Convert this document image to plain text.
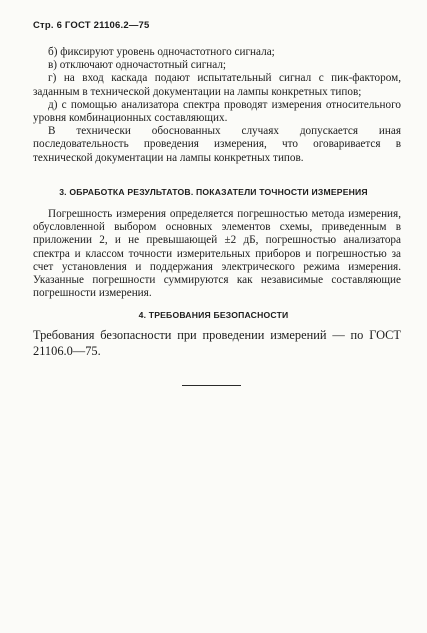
Стр. 6 ГОСТ 21106.2—75

б) фиксируют уровень одночастотного сигнала;

в) отключают одночастотный сигнал;

г) на вход каскада подают испытательный сигнал с пик-фактором, заданным в технической документации на лампы конкретных типов;

д) с помощью анализатора спектра проводят измерения относительного уровня комбинационных составляющих.

В технически обоснованных случаях допускается иная последовательность проведения измерения, что оговаривается в технической документации на лампы конкретных типов.

3. ОБРАБОТКА РЕЗУЛЬТАТОВ. ПОКАЗАТЕЛИ ТОЧНОСТИ ИЗМЕРЕНИЯ

Погрешность измерения определяется погрешностью метода измерения, обусловленной выбором основных элементов схемы, приведенным в приложении 2, и не превышающей ±2 дБ, погрешностью анализатора спектра и классом точности измерительных приборов и погрешностью за счет установления и поддержания электрического режима измерения. Указанные погрешности суммируются как независимые составляющие погрешности измерения.

4. ТРЕБОВАНИЯ БЕЗОПАСНОСТИ

Требования безопасности при проведении измерений — по ГОСТ 21106.0—75.
